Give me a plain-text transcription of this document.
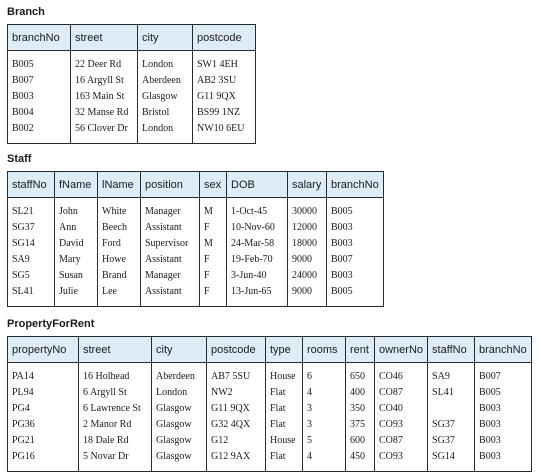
Branch
branchNo	street	city	postcode

B005	22 Deer Rd	London	SW1 4EH
B007	16 Argyll St	Aberdeen	AB2 3SU
B003	163 Main St	Glasgow	G11 9QX
B004	32 Manse Rd	Bristol	BS99 1NZ
B002	56 Clover Dr	London	NW10 6EU

Staff
staffNo	fName	lName	position	sex	DOB	salary	branchNo

SL21	John	White	Manager	M	1-Oct-45	30000	B005
SG37	Ann	Beech	Assistant	F	10-Nov-60	12000	B003
SG14	David	Ford	Supervisor	M	24-Mar-58	18000	B003
SA9	Mary	Howe	Assistant	F	19-Feb-70	9000	B007
SG5	Susan	Brand	Manager	F	3-Jun-40	24000	B003
SL41	Julie	Lee	Assistant	F	13-Jun-65	9000	B005

PropertyForRent
propertyNo	street	city	postcode	type	rooms	rent	ownerNo	staffNo	branchNo

PA14	16 Holhead	Aberdeen	AB7 5SU	House	6	650	CO46	SA9	B007
PL94	6 Argyll St	London	NW2	Flat	4	400	CO87	SL41	B005
PG4	6 Lawrence St	Glasgow	G11 9QX	Flat	3	350	CO40		B003
PG36	2 Manor Rd	Glasgow	G32 4QX	Flat	3	375	CO93	SG37	B003
PG21	18 Dale Rd	Glasgow	G12	House	5	600	CO87	SG37	B003
PG16	5 Novar Dr	Glasgow	G12 9AX	Flat	4	450	CO93	SG14	B003
